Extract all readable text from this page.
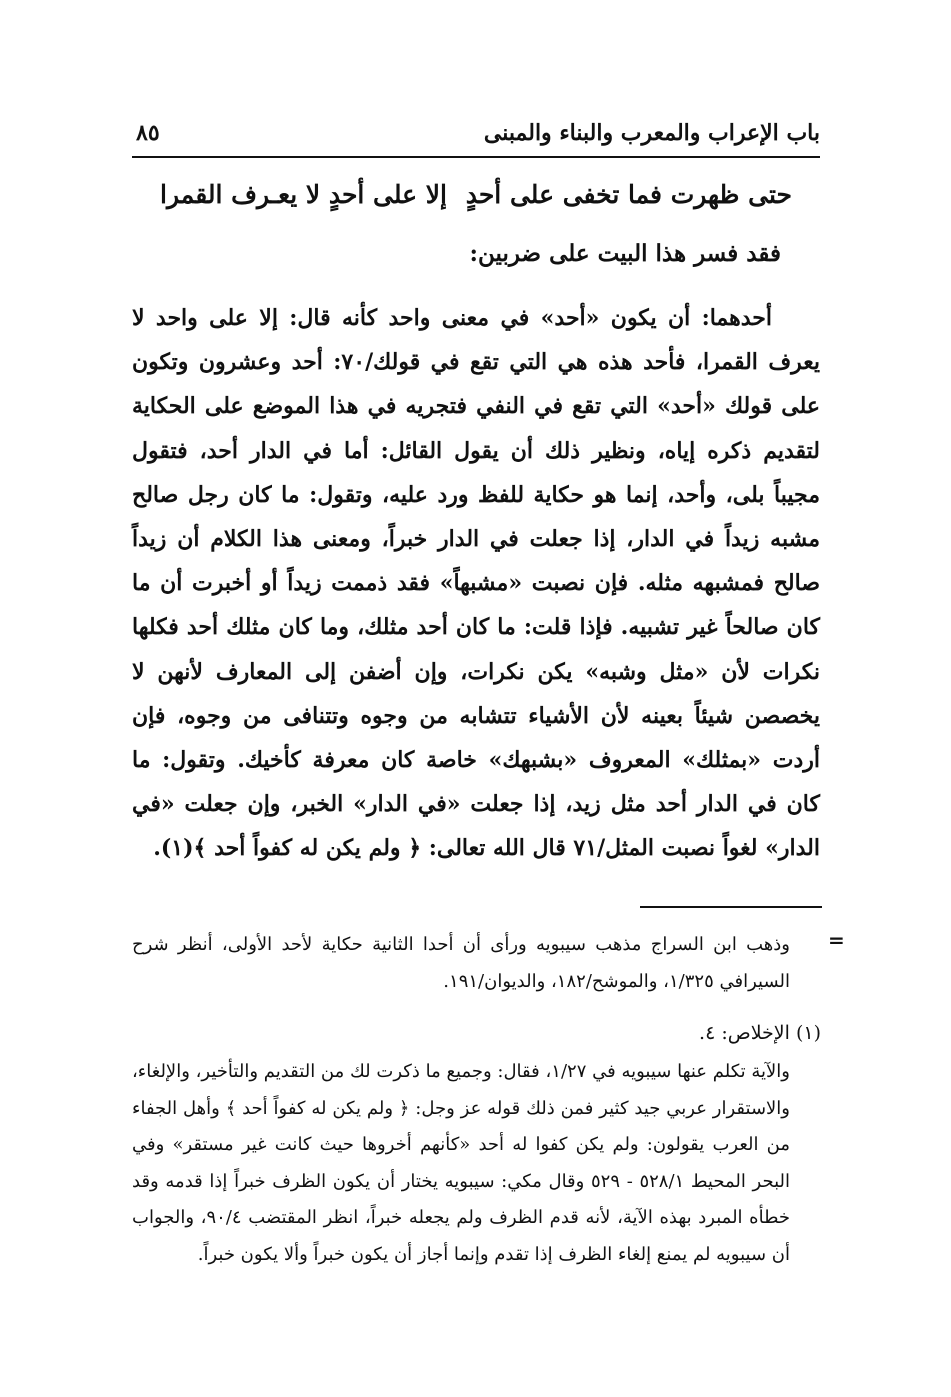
باب الإعراب والمعرب والبناء والمبنى
٨٥
حتى ظهرت فما تخفى على أحدٍ
إلا على أحدٍ لا يعـرف القمرا
فقد فسر هذا البيت على ضربين:

أحدهما: أن يكون «أحد» في معنى واحد كأنه قال: إلا على واحد لا يعرف القمرا، فأحد هذه هي التي تقع في قولك/٧٠: أحد وعشرون وتكون على قولك «أحد» التي تقع في النفي فتجريه في هذا الموضع على الحكاية لتقديم ذكره إياه، ونظير ذلك أن يقول القائل: أما في الدار أحد، فتقول مجيباً بلى، وأحد، إنما هو حكاية للفظ ورد عليه، وتقول: ما كان رجل صالح مشبه زيداً في الدار، إذا جعلت في الدار خبراً، ومعنى هذا الكلام أن زيداً صالح فمشبهه مثله. فإن نصبت «مشبهاً» فقد ذممت زيداً أو أخبرت أن ما كان صالحاً غير تشبيه. فإذا قلت: ما كان أحد مثلك، وما كان مثلك أحد فكلها نكرات لأن «مثل وشبه» يكن نكرات، وإن أضفن إلى المعارف لأنهن لا يخصصن شيئاً بعينه لأن الأشياء تتشابه من وجوه وتتنافى من وجوه، فإن أردت «بمثلك» المعروف «بشبهك» خاصة كان معرفة كأخيك. وتقول: ما كان في الدار أحد مثل زيد، إذا جعلت «في الدار» الخبر، وإن جعلت «في الدار» لغواً نصبت المثل/٧١ قال الله تعالى: ﴿ ولم يكن له كفواً أحد ﴾(١).

=
وذهب ابن السراج مذهب سيبويه ورأى أن أحدا الثانية حكاية لأحد الأولى، أنظر شرح السيرافي ١/٣٢٥، والموشح/١٨٢، والديوان/١٩١.
(١) الإخلاص: ٤.
والآية تكلم عنها سيبويه في ١/٢٧، فقال: وجميع ما ذكرت لك من التقديم والتأخير، والإلغاء، والاستقرار عربي جيد كثير فمن ذلك قوله عز وجل: ﴿ ولم يكن له كفواً أحد ﴾ وأهل الجفاء من العرب يقولون: ولم يكن كفوا له أحد «كأنهم أخروها حيث كانت غير مستقر» وفي البحر المحيط ٥٢٨/١ - ٥٢٩ وقال مكي: سيبويه يختار أن يكون الظرف خبراً إذا قدمه وقد خطأه المبرد بهذه الآية، لأنه قدم الظرف ولم يجعله خبراً، انظر المقتضب ٩٠/٤، والجواب أن سيبويه لم يمنع إلغاء الظرف إذا تقدم وإنما أجاز أن يكون خبراً وألا يكون خبراً.
